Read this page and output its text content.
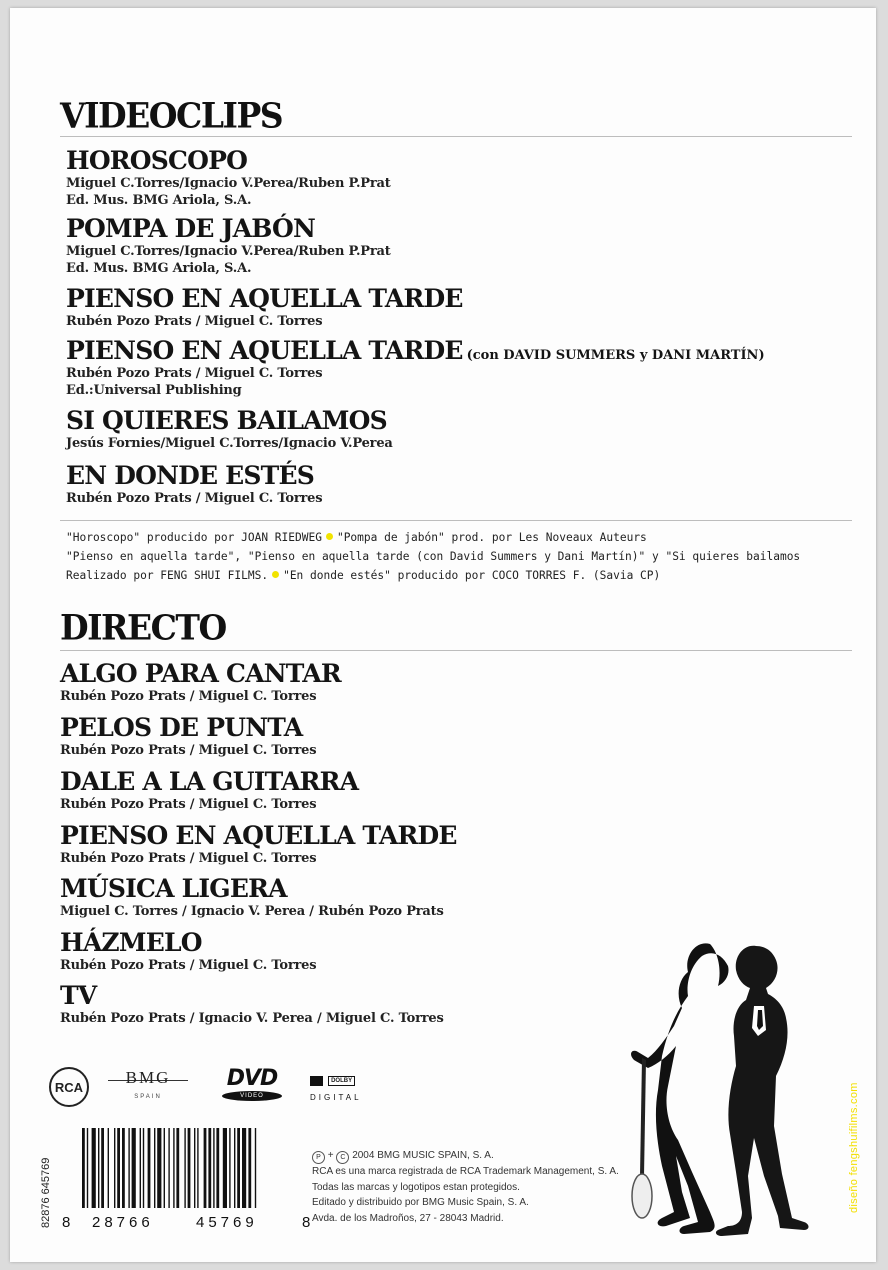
VIDEOCLIPS
HOROSCOPO
Miguel C.Torres/Ignacio V.Perea/Ruben P.Prat
Ed. Mus. BMG Ariola, S.A.
POMPA DE JABÓN
Miguel C.Torres/Ignacio V.Perea/Ruben P.Prat
Ed. Mus. BMG Ariola, S.A.
PIENSO EN AQUELLA TARDE
Rubén Pozo Prats / Miguel C. Torres
PIENSO EN AQUELLA TARDE (con DAVID SUMMERS y DANI MARTÍN)
Rubén Pozo Prats / Miguel C. Torres
Ed.:Universal Publishing
SI QUIERES BAILAMOS
Jesús Fornies/Miguel C.Torres/Ignacio V.Perea
EN DONDE ESTÉS
Rubén Pozo Prats / Miguel C. Torres
"Horoscopo" producido por JOAN RIEDWEG "Pompa de jabón" prod. por Les Noveaux Auteurs
"Pienso en aquella tarde", "Pienso en aquella tarde (con David Summers y Dani Martín)" y "Si quieres bailamos
Realizado por FENG SHUI FILMS. "En donde estés" producido por COCO TORRES F. (Savia CP)
DIRECTO
ALGO PARA CANTAR
Rubén Pozo Prats / Miguel C. Torres
PELOS DE PUNTA
Rubén Pozo Prats / Miguel C. Torres
DALE A LA GUITARRA
Rubén Pozo Prats / Miguel C. Torres
PIENSO EN AQUELLA TARDE
Rubén Pozo Prats / Miguel C. Torres
MÚSICA LIGERA
Miguel C. Torres / Ignacio V. Perea / Rubén Pozo Prats
HÁZMELO
Rubén Pozo Prats / Miguel C. Torres
TV
Rubén Pozo Prats / Ignacio V. Perea / Miguel C. Torres
diseño fengshuifilms.com
RCA
BMG
SPAIN
DVD
VIDEO
DOLBY
DIGITAL
82876 645769 8 28766	45769	8
P + C 2004 BMG MUSIC SPAIN, S. A.
RCA es una marca registrada de RCA Trademark Management, S. A.
Todas las marcas y logotipos estan protegidos.
Editado y distribuido por BMG Music Spain, S. A.
Avda. de los Madroños, 27 - 28043 Madrid.
